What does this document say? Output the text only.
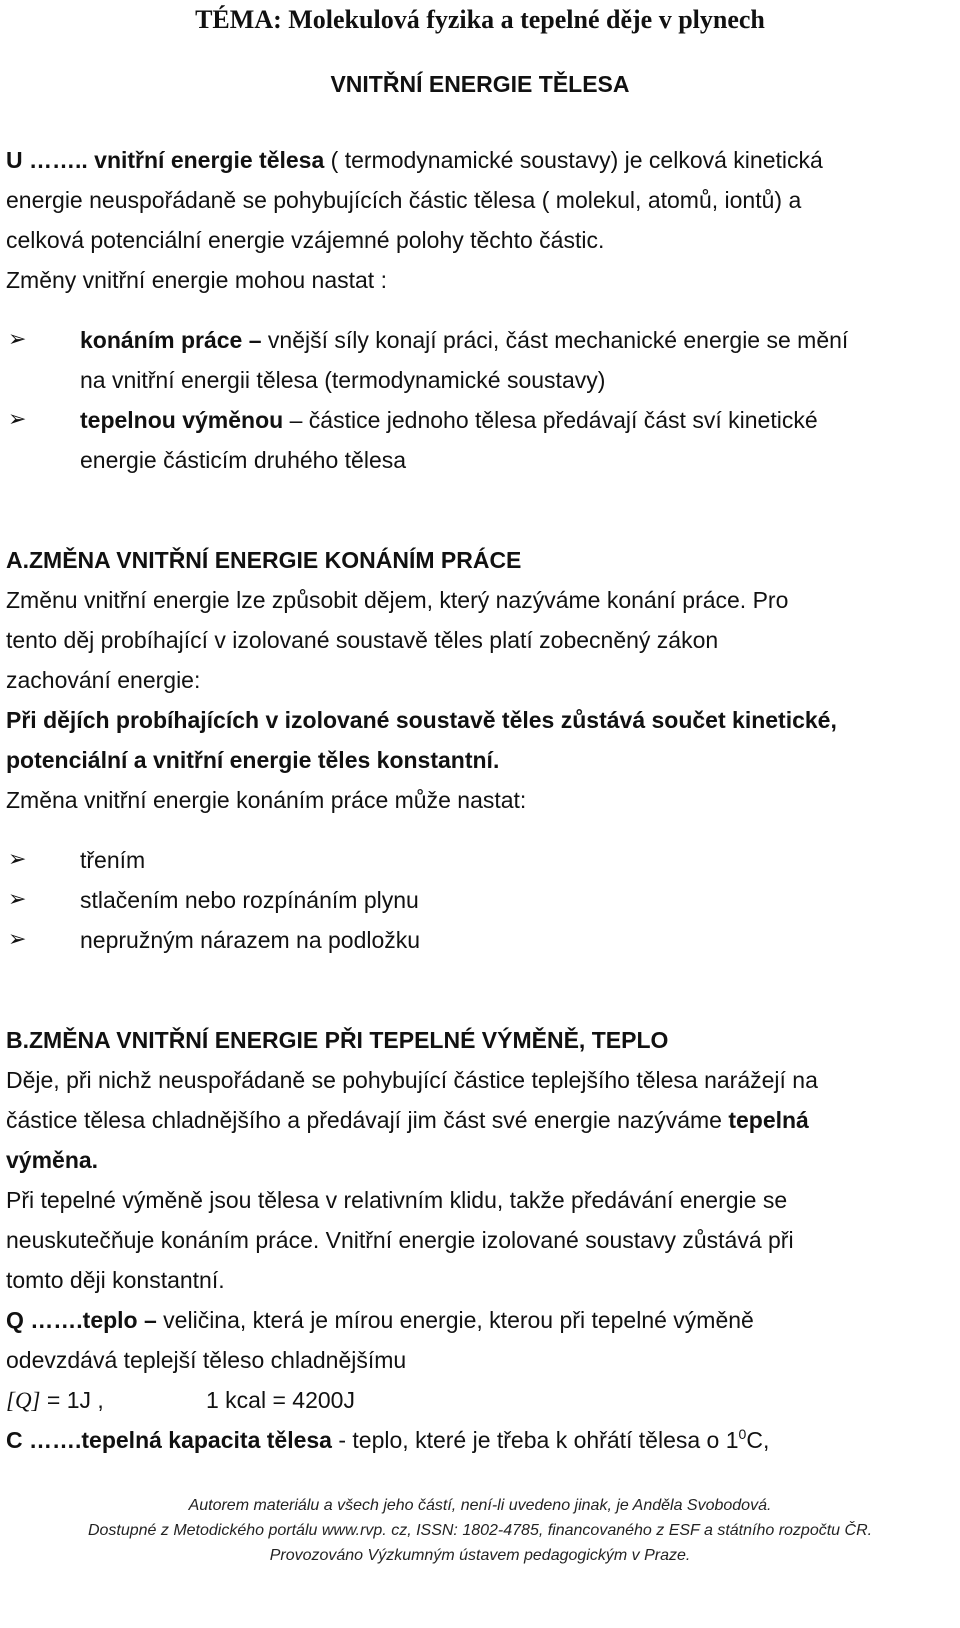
TÉMA: Molekulová fyzika a tepelné děje v plynech
VNITŘNÍ ENERGIE TĚLESA
U …….. vnitřní energie tělesa ( termodynamické soustavy) je celková kinetická
energie neuspořádaně se pohybujících částic tělesa ( molekul, atomů, iontů) a
celková potenciální energie vzájemné polohy těchto částic.
Změny vnitřní energie mohou nastat :
➢ konáním práce – vnější síly konají práci, část mechanické energie se mění
na vnitřní energii tělesa (termodynamické soustavy)
➢ tepelnou výměnou – částice jednoho tělesa předávají část sví kinetické
energie částicím druhého tělesa
A.ZMĚNA VNITŘNÍ ENERGIE KONÁNÍM PRÁCE
Změnu vnitřní energie lze způsobit dějem, který nazýváme konání práce. Pro
tento děj probíhající v izolované soustavě těles platí zobecněný zákon
zachování energie:
Při dějích probíhajících v izolované soustavě těles zůstává součet kinetické,
potenciální a vnitřní energie těles konstantní.
Změna vnitřní energie konáním práce může nastat:
➢ třením
➢ stlačením nebo rozpínáním plynu
➢ nepružným nárazem na podložku
B.ZMĚNA VNITŘNÍ ENERGIE PŘI TEPELNÉ VÝMĚNĚ, TEPLO
Děje, při nichž neuspořádaně se pohybující částice teplejšího tělesa narážejí na
částice tělesa chladnějšího a předávají jim část své energie nazýváme tepelná
výměna.
Při tepelné výměně jsou tělesa v relativním klidu, takže předávání energie se
neuskutečňuje konáním práce. Vnitřní energie izolované soustavy zůstává při
tomto ději konstantní.
Q …….teplo – veličina, která je mírou energie, kterou při tepelné výměně
odevzdává teplejší těleso chladnějšímu
[Q] = 1J ,	1 kcal = 4200J
C …….tepelná kapacita tělesa - teplo, které je třeba k ohřátí tělesa o $1^0C$,
Autorem materiálu a všech jeho částí, není-li uvedeno jinak, je Anděla Svobodová.
Dostupné z Metodického portálu www.rvp. cz, ISSN: 1802-4785, financovaného z ESF a státního rozpočtu ČR.
Provozováno Výzkumným ústavem pedagogickým v Praze.
